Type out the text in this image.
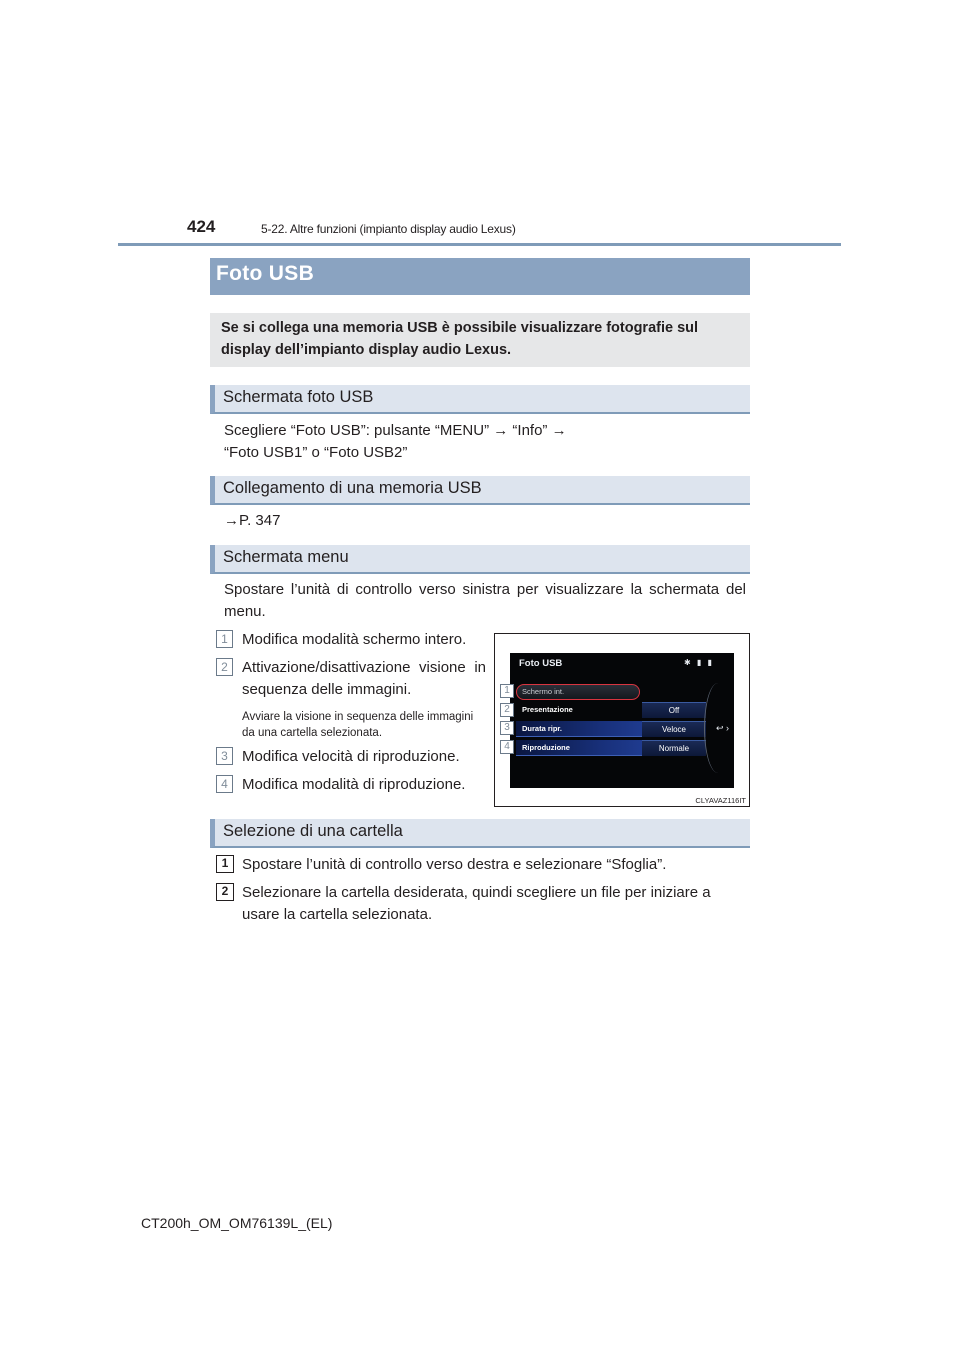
424	5-22. Altre funzioni (impianto display audio Lexus)
Foto USB
Se si collega una memoria USB è possibile visualizzare fotografie sul display dell’impianto display audio Lexus.
Schermata foto USB
Scegliere “Foto USB”: pulsante “MENU” → “Info” →
“Foto USB1” o “Foto USB2”
Collegamento di una memoria USB
→P. 347
Schermata menu
Spostare l’unità di controllo verso sinistra per visualizzare la schermata del menu.
1 Modifica modalità schermo intero.
2 Attivazione/disattivazione visione in sequenza delle immagini.
Avviare la visione in sequenza delle immagini da una cartella selezionata.
3 Modifica velocità di riproduzione.
4 Modifica modalità di riproduzione.
Foto USB	✱ ▮ ▮
Schermo int.
Presentazione	Off
Durata ripr.	Veloce
Riproduzione	Normale
↩ ›
1
2
3
4
CLYAVAZ116IT
Selezione di una cartella
1 Spostare l’unità di controllo verso destra e selezionare “Sfoglia”.
2 Selezionare la cartella desiderata, quindi scegliere un file per iniziare a usare la cartella selezionata.
CT200h_OM_OM76139L_(EL)
